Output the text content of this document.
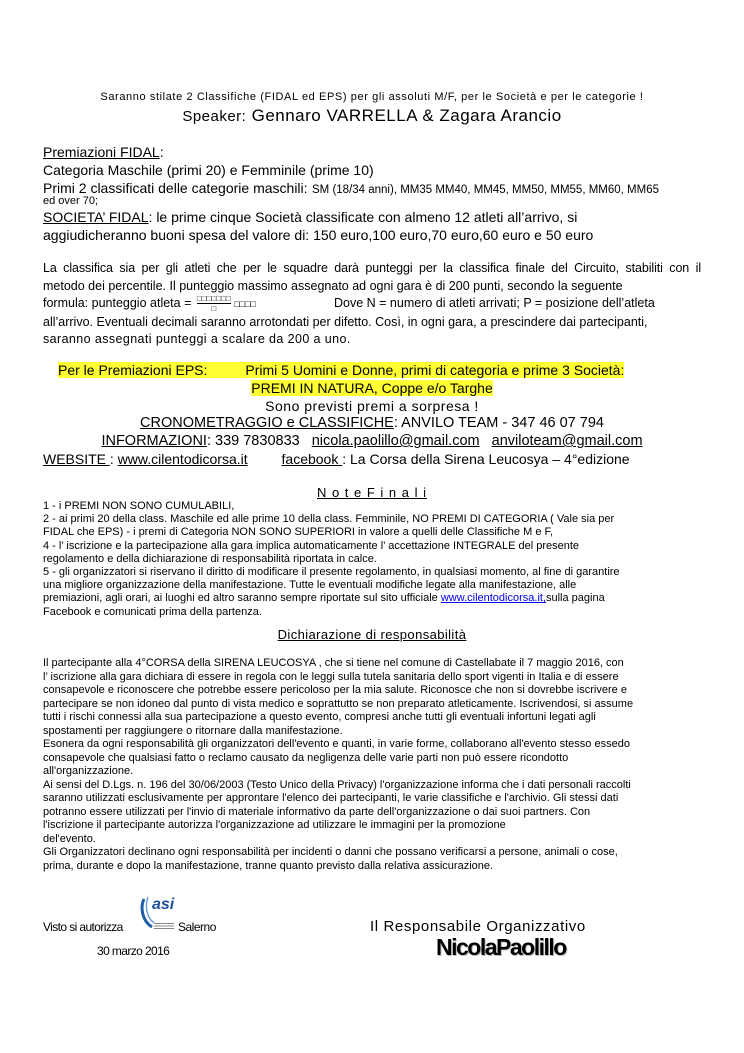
Saranno stilate 2 Classifiche (FIDAL ed EPS) per gli assoluti M/F, per le Società e per le categorie !
Speaker: Gennaro VARRELLA & Zagara Arancio
Premiazioni FIDAL:
Categoria Maschile (primi 20) e Femminile (prime 10)
Primi 2 classificati delle categorie maschili: SM (18/34 anni), MM35 MM40, MM45, MM50, MM55, MM60, MM65
ed over 70;
SOCIETA’ FIDAL: le prime cinque Società classificate con almeno 12 atleti all’arrivo, si
aggiudicheranno buoni spesa del valore di: 150 euro,100 euro,70 euro,60 euro e 50 euro
La classifica sia per gli atleti che per le squadre darà punteggi per la classifica finale del Circuito, stabiliti con il
metodo dei percentile. Il punteggio massimo assegnato ad ogni gara è di 200 punti, secondo la seguente
formula: punteggio atleta = □□□□□□□
□	□□□□	Dove N = numero di atleti arrivati; P = posizione dell’atleta
all’arrivo. Eventuali decimali saranno arrotondati per difetto. Così, in ogni gara, a prescindere dai partecipanti,
saranno assegnati punteggi a scalare da 200 a uno.
Per le Premiazioni EPS:	Primi 5 Uomini e Donne, primi di categoria e prime 3 Società:
PREMI IN NATURA, Coppe e/o Targhe
Sono previsti premi a sorpresa !
CRONOMETRAGGIO e CLASSIFICHE: ANVILO TEAM - 347 46 07 794
INFORMAZIONI: 339 7830833 nicola.paolillo@gmail.com anviloteam@gmail.com
WEBSITE : www.cilentodicorsa.it facebook : La Corsa della Sirena Leucosya – 4°edizione
N o t e F i n a l i
1 - i PREMI NON SONO CUMULABILI,
2 - ai primi 20 della class. Maschile ed alle prime 10 della class. Femminile, NO PREMI DI CATEGORIA ( Vale sia per
FIDAL che EPS) - i premi di Categoria NON SONO SUPERIORI in valore a quelli delle Classifiche M e F,
4 - l’ iscrizione e la partecipazione alla gara implica automaticamente l’ accettazione INTEGRALE del presente
regolamento e della dichiarazione di responsabilità riportata in calce.
5 - gli organizzatori si riservano il diritto di modificare il presente regolamento, in qualsiasi momento, al fine di garantire
una migliore organizzazione della manifestazione. Tutte le eventuali modifiche legate alla manifestazione, alle
premiazioni, agli orari, ai luoghi ed altro saranno sempre riportate sul sito ufficiale www.cilentodicorsa.it,sulla pagina
Facebook e comunicati prima della partenza.
Dichiarazione di responsabilità
Il partecipante alla 4°CORSA della SIRENA LEUCOSYA , che si tiene nel comune di Castellabate il 7 maggio 2016, con
l’ iscrizione alla gara dichiara di essere in regola con le leggi sulla tutela sanitaria dello sport vigenti in Italia e di essere
consapevole e riconoscere che potrebbe essere pericoloso per la mia salute. Riconosce che non si dovrebbe iscrivere e
partecipare se non idoneo dal punto di vista medico e soprattutto se non preparato atleticamente. Iscrivendosi, si assume
tutti i rischi connessi alla sua partecipazione a questo evento, compresi anche tutti gli eventuali infortuni legati agli
spostamenti per raggiungere o ritornare dalla manifestazione.
Esonera da ogni responsabilità gli organizzatori dell'evento e quanti, in varie forme, collaborano all'evento stesso essedo
consapevole che qualsiasi fatto o reclamo causato da negligenza delle varie parti non può essere ricondotto
all'organizzazione.
Ai sensi del D.Lgs. n. 196 del 30/06/2003 (Testo Unico della Privacy) l'organizzazione informa che i dati personali raccolti
saranno utilizzati esclusivamente per approntare l'elenco dei partecipanti, le varie classifiche e l'archivio. Gli stessi dati
potranno essere utilizzati per l'invio di materiale informativo da parte dell'organizzazione o dai suoi partners. Con
l'iscrizione il partecipante autorizza l'organizzazione ad utilizzare le immagini per la promozione
del'evento.
Gli Organizzatori declinano ogni responsabilità per incidenti o danni che possano verificarsi a persone, animali o cose,
prima, durante e dopo la manifestazione, tranne quanto previsto dalla relativa assicurazione.
Visto si autorizza
asi
Salerno
30 marzo 2016
Il Responsabile Organizzativo
NicolaPaolillo
